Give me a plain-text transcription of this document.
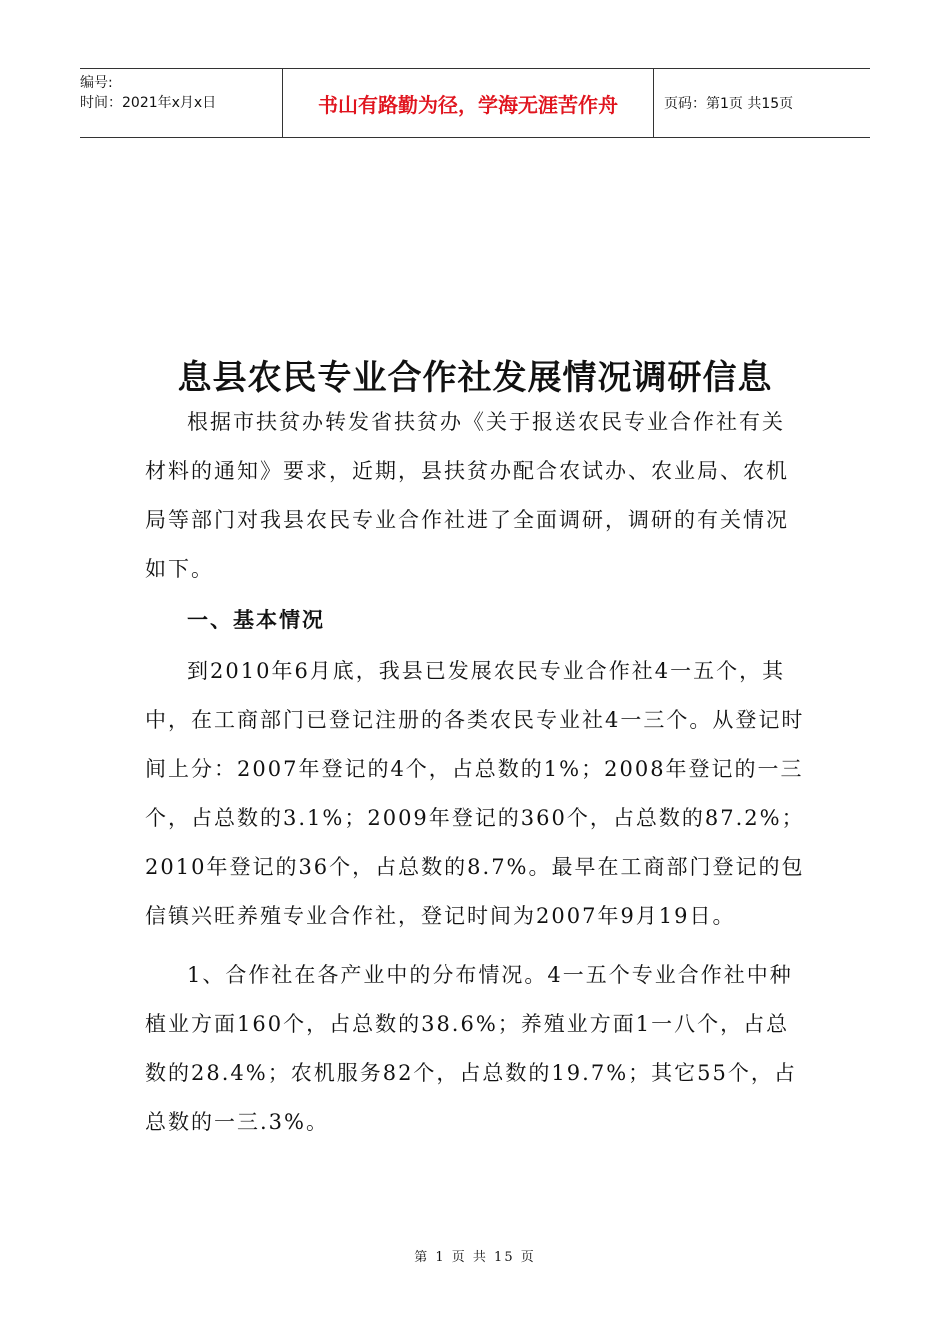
编号:
时间：2021年x月x日	书山有路勤为径，学海无涯苦作舟	页码：第1页 共15页
息县农民专业合作社发展情况调研信息

根据市扶贫办转发省扶贫办《关于报送农民专业合作社有关材料的通知》要求，近期，县扶贫办配合农试办、农业局、农机局等部门对我县农民专业合作社进了全面调研，调研的有关情况如下。

一、基本情况

到2010年6月底，我县已发展农民专业合作社4一五个，其中，在工商部门已登记注册的各类农民专业社4一三个。从登记时间上分：2007年登记的4个，占总数的1%；2008年登记的一三个，占总数的3.1%；2009年登记的360个，占总数的87.2%；2010年登记的36个，占总数的8.7%。最早在工商部门登记的包信镇兴旺养殖专业合作社，登记时间为2007年9月19日。

1、合作社在各产业中的分布情况。4一五个专业合作社中种植业方面160个，占总数的38.6%；养殖业方面1一八个，占总数的28.4%；农机服务82个，占总数的19.7%；其它55个，占总数的一三.3%。

第 1 页 共 15 页
